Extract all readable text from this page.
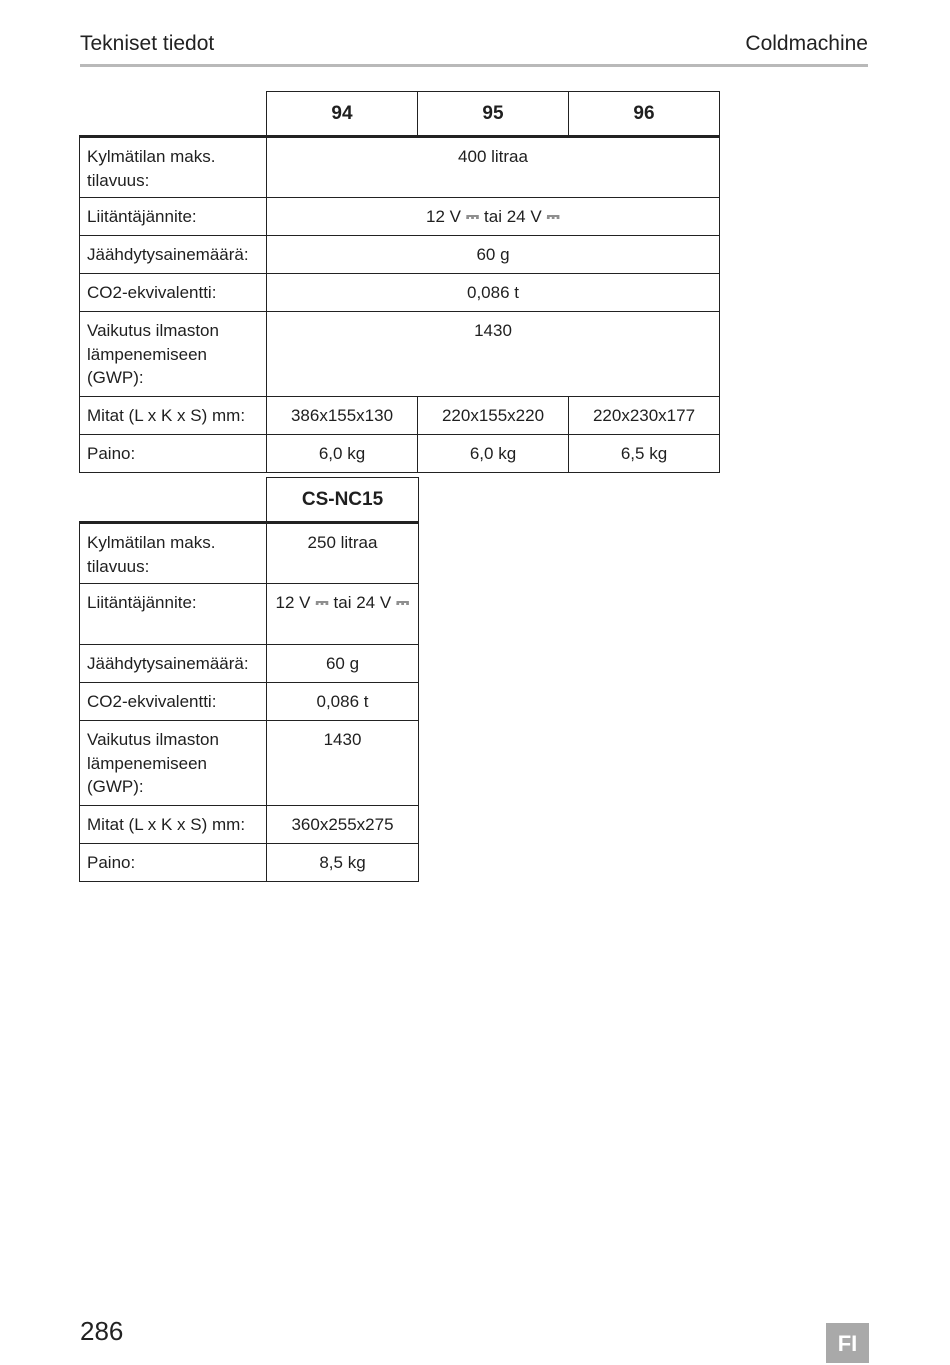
Tekniset tiedot	Coldmachine
	94	95	96
Kylmätilan maks. tilavuus:	400 litraa		
Liitäntäjännite:	12 V ⎓ tai 24 V ⎓		
Jäähdytysainemäärä:	60 g		
CO2-ekvivalentti:	0,086 t		
Vaikutus ilmaston lämpenemiseen (GWP):	1430		
Mitat (L x K x S) mm:	386x155x130	220x155x220	220x230x177
Paino:	6,0 kg	6,0 kg	6,5 kg
	CS-NC15
Kylmätilan maks. tilavuus:	250 litraa
Liitäntäjännite:	12 V ⎓ tai 24 V ⎓
Jäähdytysainemäärä:	60 g
CO2-ekvivalentti:	0,086 t
Vaikutus ilmaston lämpenemiseen (GWP):	1430
Mitat (L x K x S) mm:	360x255x275
Paino:	8,5 kg
286	FI
